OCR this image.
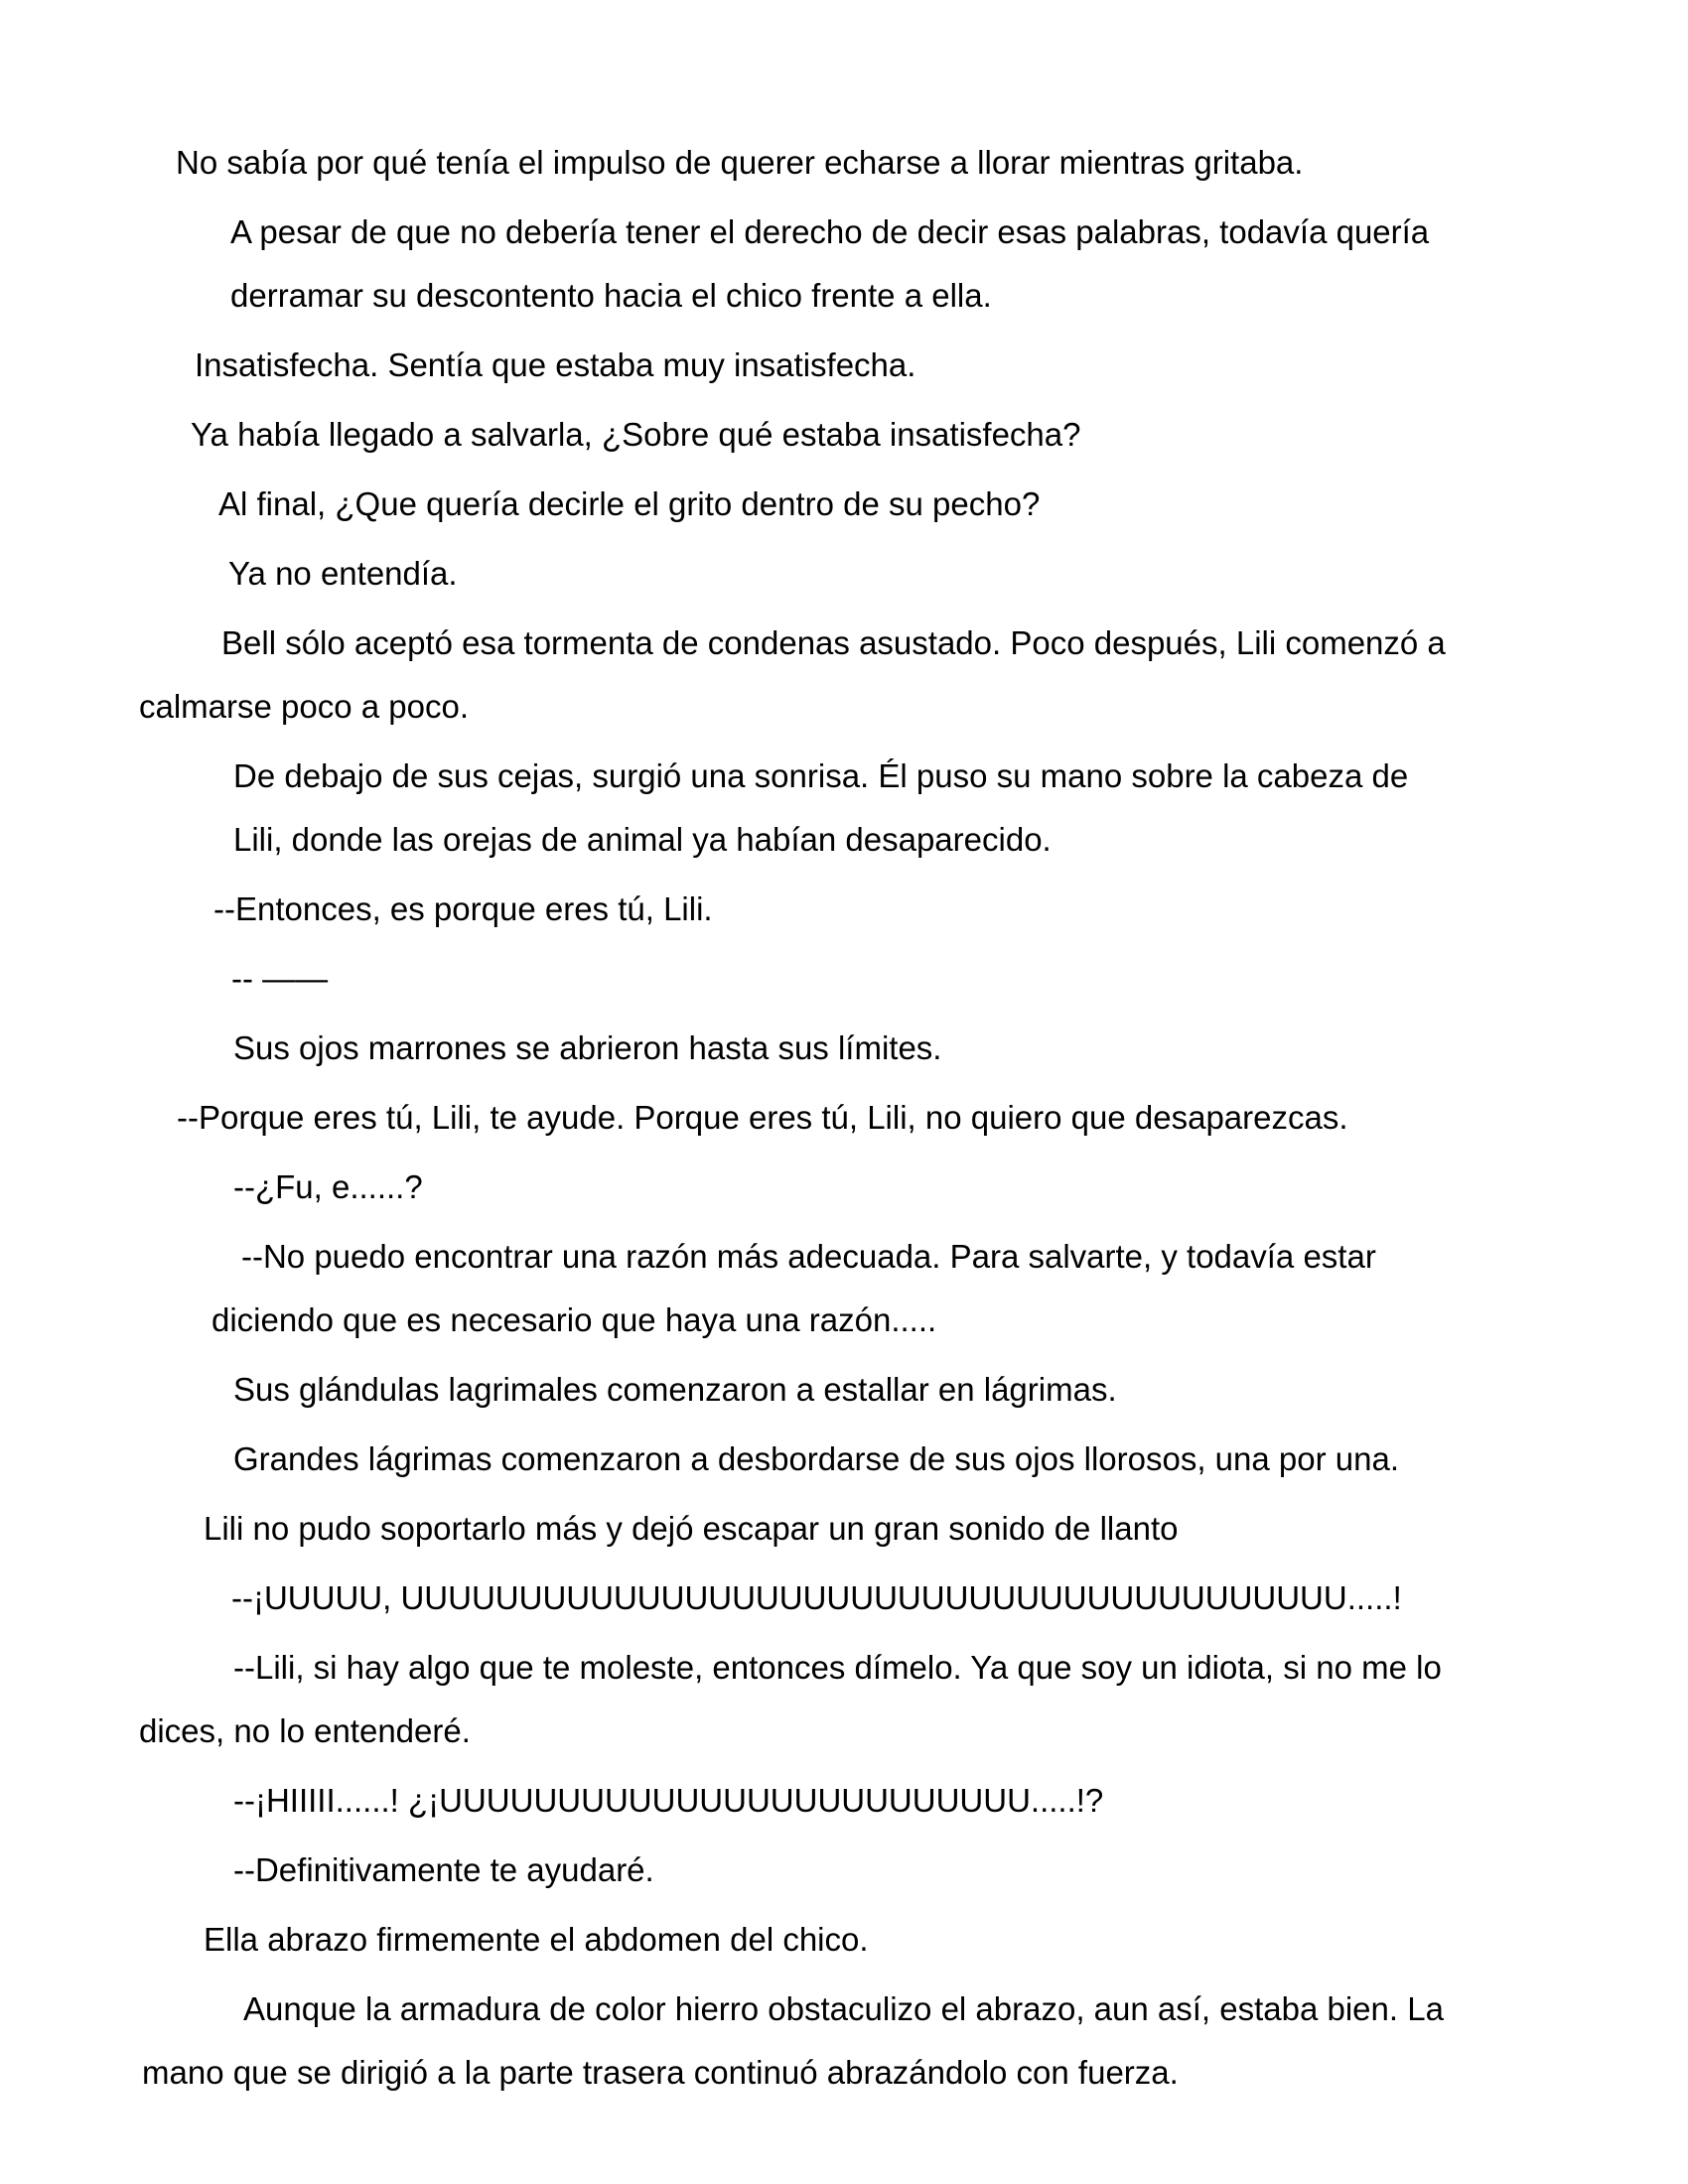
No sabía por qué tenía el impulso de querer echarse a llorar mientras gritaba.

A pesar de que no debería tener el derecho de decir esas palabras, todavía quería derramar su descontento hacia el chico frente a ella.

Insatisfecha. Sentía que estaba muy insatisfecha.

Ya había llegado a salvarla, ¿Sobre qué estaba insatisfecha?

Al final, ¿Que quería decirle el grito dentro de su pecho?

Ya no entendía.

Bell sólo aceptó esa tormenta de condenas asustado. Poco después, Lili comenzó a calmarse poco a poco.

De debajo de sus cejas, surgió una sonrisa. Él puso su mano sobre la cabeza de Lili, donde las orejas de animal ya habían desaparecido.

--Entonces, es porque eres tú, Lili.

-- ——

Sus ojos marrones se abrieron hasta sus límites.

--Porque eres tú, Lili, te ayude. Porque eres tú, Lili, no quiero que desaparezcas.

--¿Fu, e......?

--No puedo encontrar una razón más adecuada. Para salvarte, y todavía estar diciendo que es necesario que haya una razón.....

Sus glándulas lagrimales comenzaron a estallar en lágrimas.

Grandes lágrimas comenzaron a desbordarse de sus ojos llorosos, una por una.

Lili no pudo soportarlo más y dejó escapar un gran sonido de llanto

--¡UUUUU, UUUUUUUUUUUUUUUUUUUUUUUUUUUUUUUUUUUUUUUU.....!

--Lili, si hay algo que te moleste, entonces dímelo. Ya que soy un idiota, si no me lo dices, no lo entenderé.

--¡HIIIII......! ¿¡UUUUUUUUUUUUUUUUUUUUUUUUU.....!?

--Definitivamente te ayudaré.

Ella abrazo firmemente el abdomen del chico.

Aunque la armadura de color hierro obstaculizo el abrazo, aun así, estaba bien. La mano que se dirigió a la parte trasera continuó abrazándolo con fuerza.
